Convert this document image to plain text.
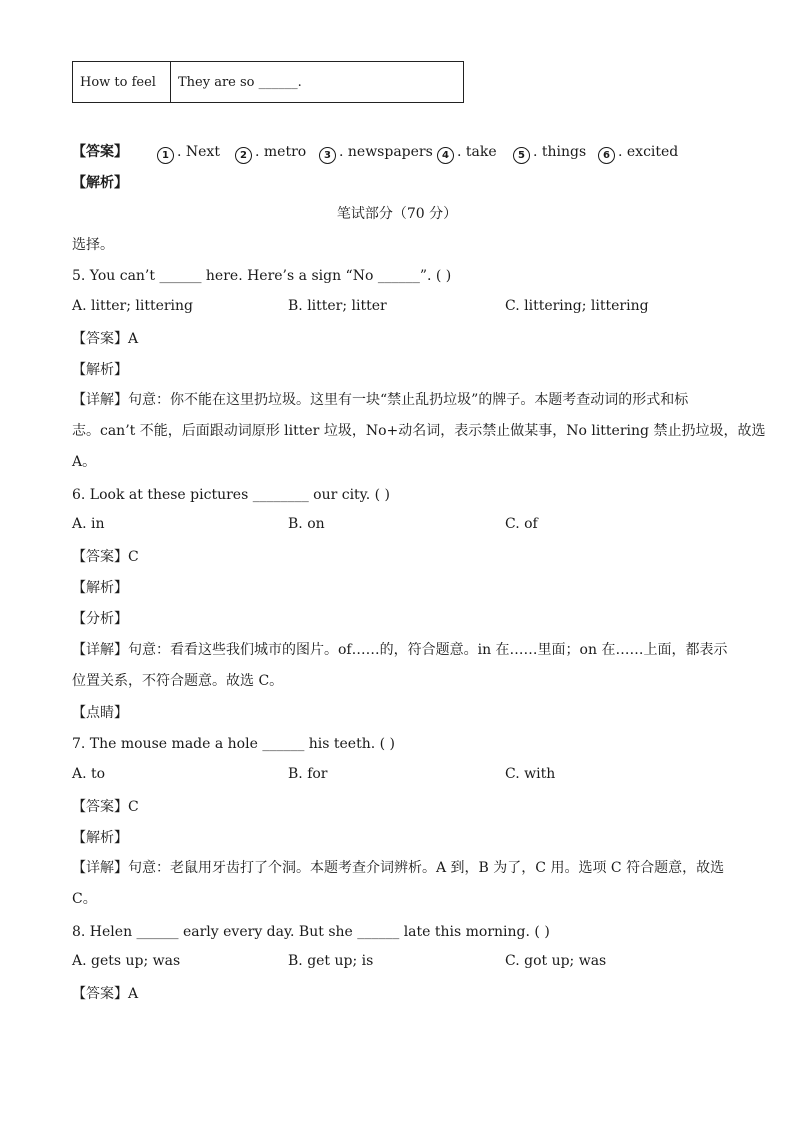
How to feel	They are so ______.
【答案】	1 . Next	2 . metro	3 . newspapers 4 . take	5 . things	6 . excited
【解析】
笔试部分（70 分）
选择。
5. You can’t ______ here. Here’s a sign “No ______”. ( )
A. litter; littering	B. litter; litter	C. littering; littering
【答案】A
【解析】
【详解】句意：你不能在这里扔垃圾。这里有一块“禁止乱扔垃圾”的牌子。本题考查动词的形式和标
志。can’t 不能，后面跟动词原形 litter 垃圾，No+动名词，表示禁止做某事，No littering 禁止扔垃圾，故选
A。
6. Look at these pictures ________ our city. ( )
A. in	B. on	C. of
【答案】C
【解析】
【分析】
【详解】句意：看看这些我们城市的图片。of……的，符合题意。in 在……里面；on 在……上面，都表示
位置关系，不符合题意。故选 C。
【点睛】
7. The mouse made a hole ______ his teeth. ( )
A. to	B. for	C. with
【答案】C
【解析】
【详解】句意：老鼠用牙齿打了个洞。本题考查介词辨析。A 到，B 为了，C 用。选项 C 符合题意，故选
C。
8. Helen ______ early every day. But she ______ late this morning. ( )
A. gets up; was	B. get up; is	C. got up; was
【答案】A
